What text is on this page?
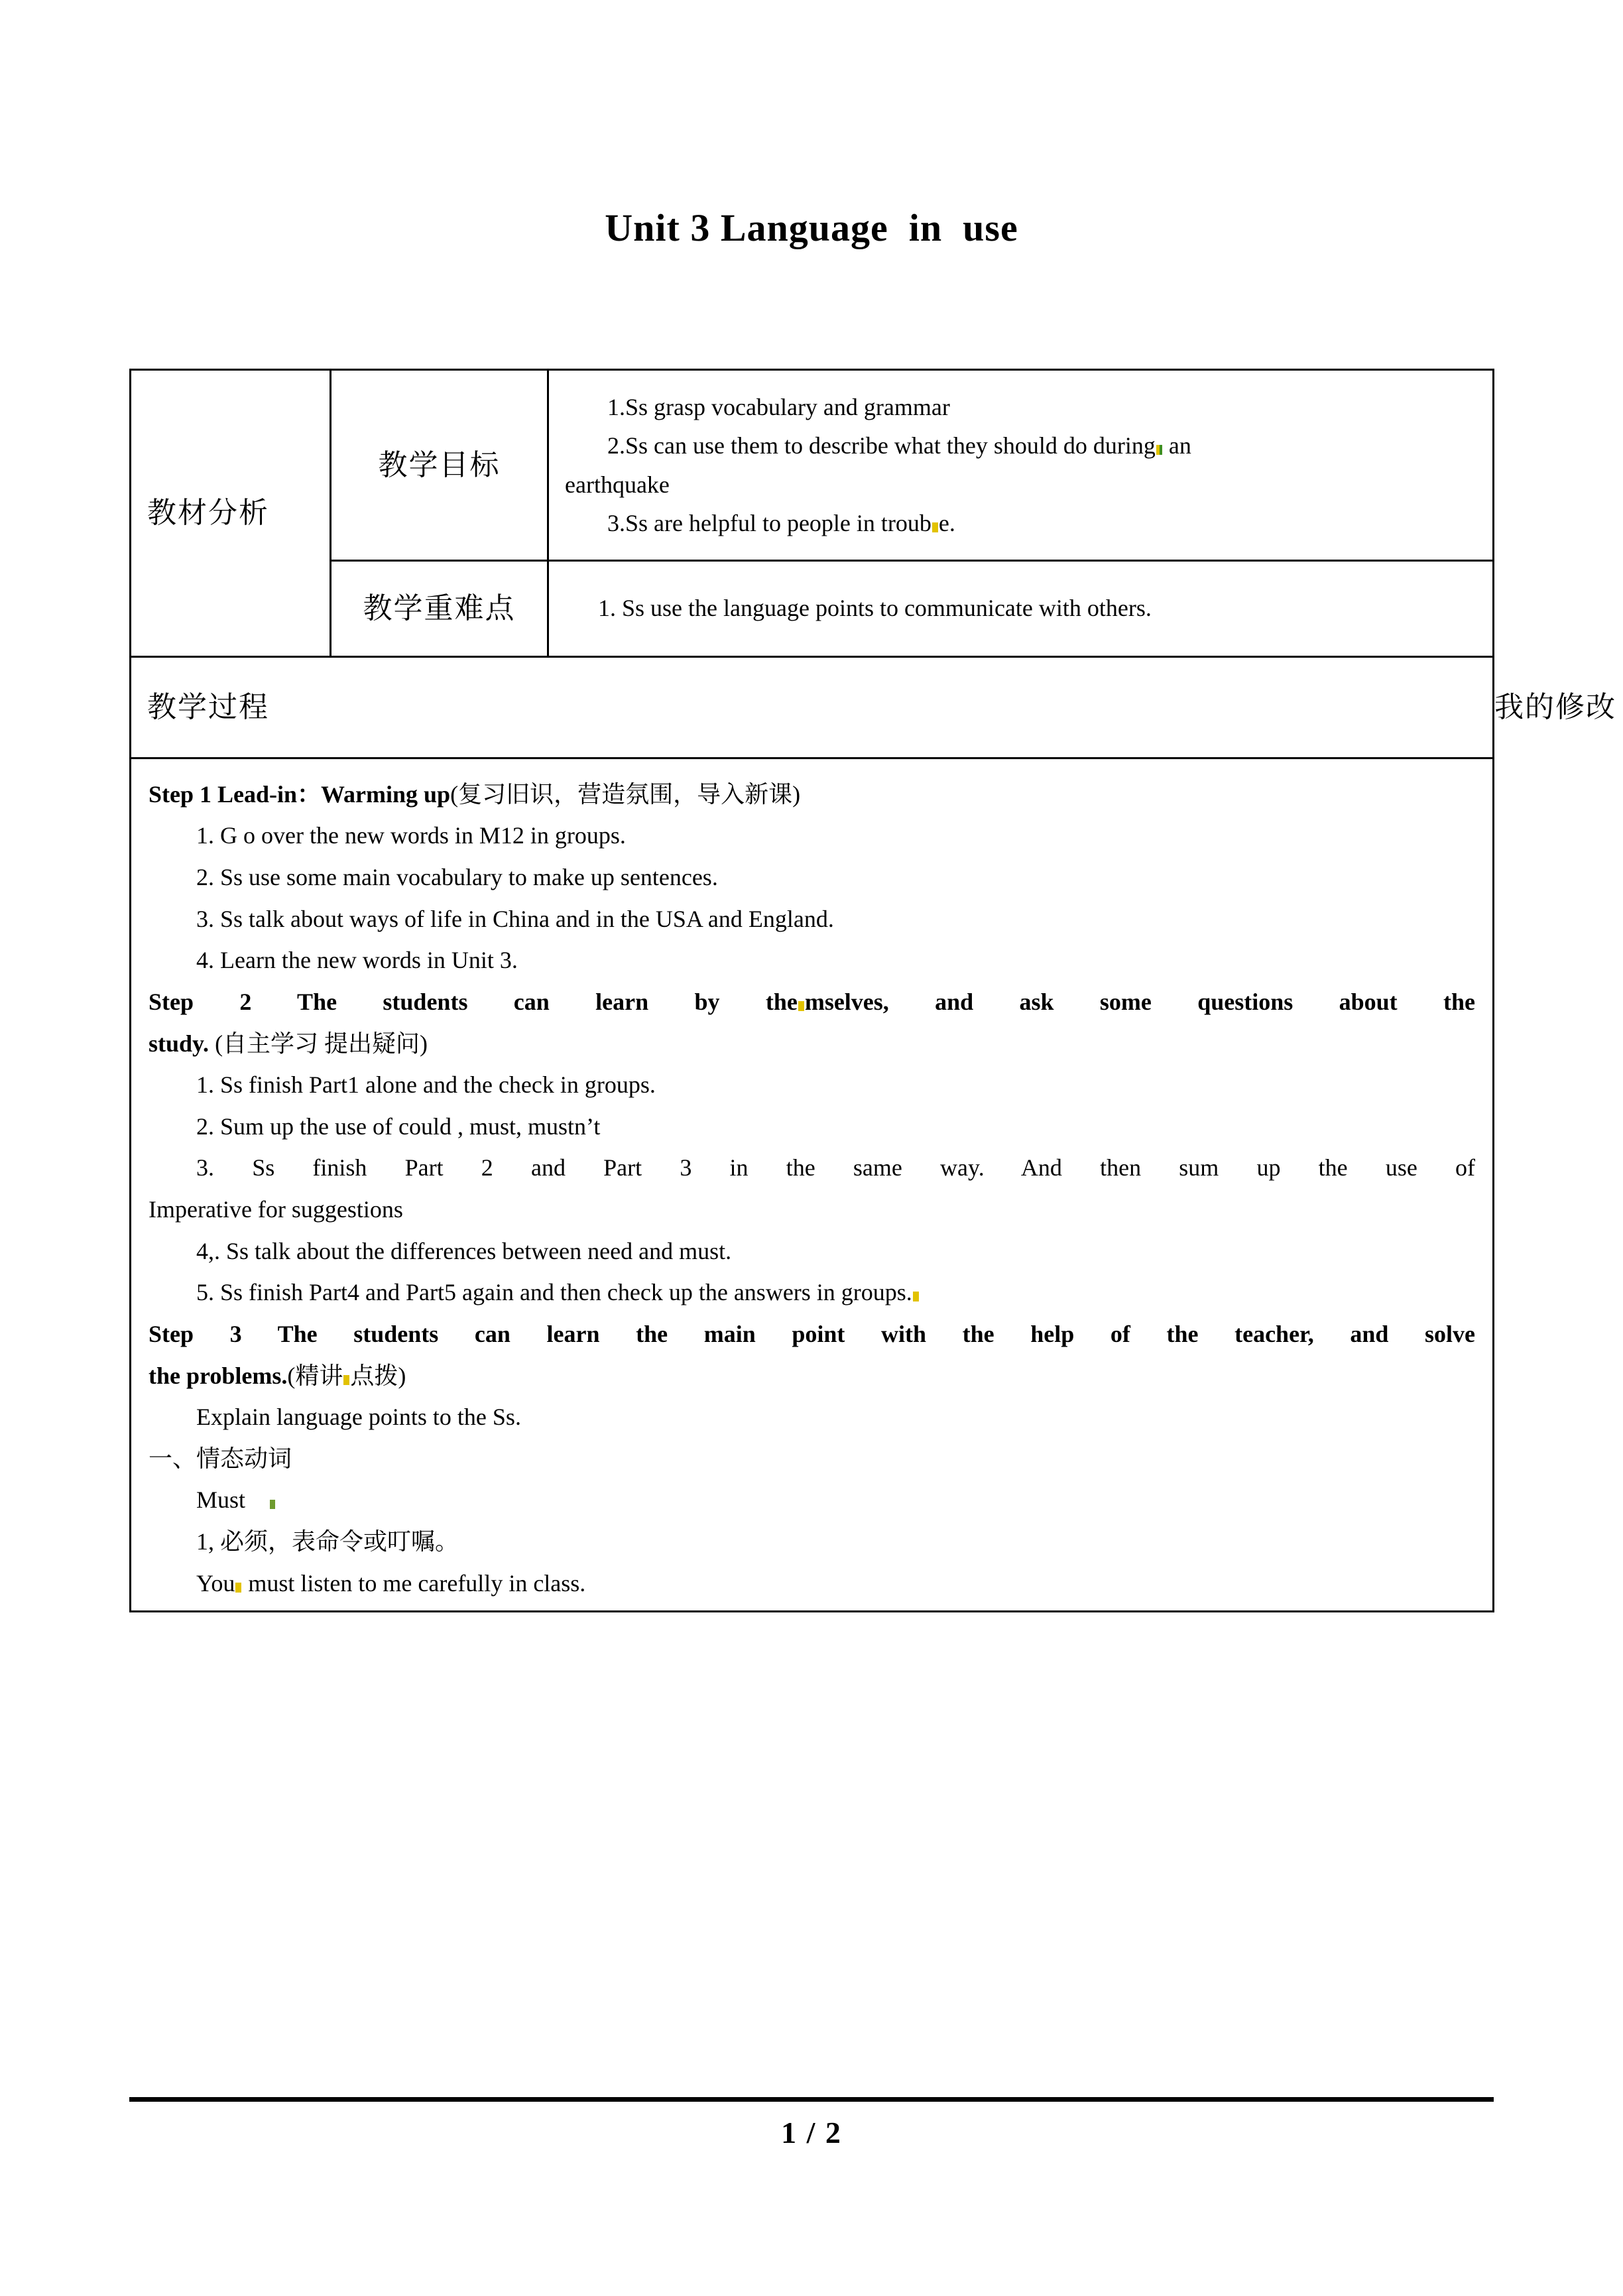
Unit 3 Language  in  use
教材分析	教学目标	1.Ss grasp vocabulary and grammar
2.Ss can use them to describe what they should do during an
earthquake
3.Ss are helpful to people in troub e.	

	教学重难点	1. Ss use the language points to communicate with others.	

教学过程			我的修改

Step 1 Lead-in：Warming up(复习旧识，营造氛围，导入新课)

1. G o over the new words in M12 in groups.

2. Ss use some main vocabulary to make up sentences.

3. Ss talk about ways of life in China and in the USA and England.

4. Learn the new words in Unit 3.

Step 2 The students can learn by the mselves, and ask some questions about the

study. (自主学习 提出疑问)

1. Ss finish Part1 alone and the check in groups.

2. Sum up the use of could , must, mustn’t

3. Ss finish Part 2 and Part 3 in the same way. And then sum up the use of

Imperative for suggestions

4,. Ss talk about the differences between need and must.

5. Ss finish Part4 and Part5 again and then check up the answers in groups.

Step 3 The students can learn the main point with the help of the teacher, and solve

the problems.(精讲 点拨)

Explain language points to the Ss.

一、情态动词

Must

1, 必须，表命令或叮嘱。

You must listen to me carefully in class.

1 / 2
